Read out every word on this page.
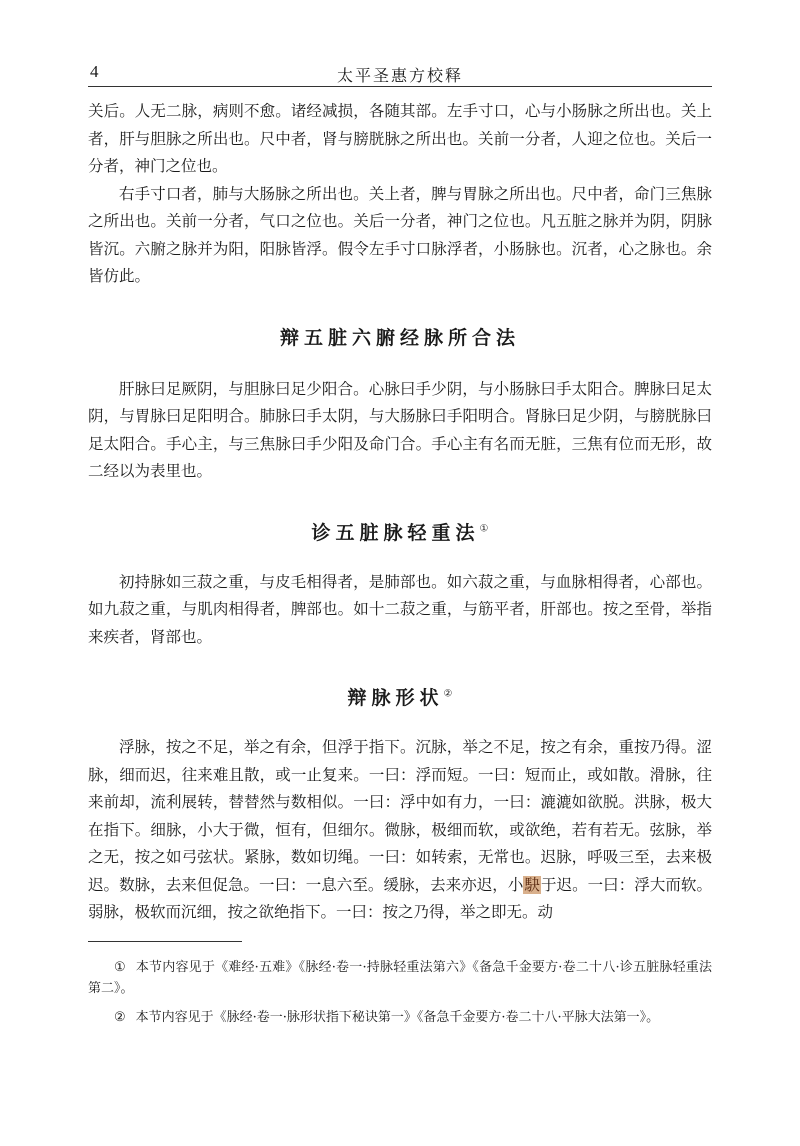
4	太平圣惠方校释

关后。人无二脉，病则不愈。诸经减损，各随其部。左手寸口，心与小肠脉之所出也。关上者，肝与胆脉之所出也。尺中者，肾与膀胱脉之所出也。关前一分者，人迎之位也。关后一分者，神门之位也。

右手寸口者，肺与大肠脉之所出也。关上者，脾与胃脉之所出也。尺中者，命门三焦脉之所出也。关前一分者，气口之位也。关后一分者，神门之位也。凡五脏之脉并为阴，阴脉皆沉。六腑之脉并为阳，阳脉皆浮。假令左手寸口脉浮者，小肠脉也。沉者，心之脉也。余皆仿此。

辩五脏六腑经脉所合法

肝脉曰足厥阴，与胆脉曰足少阳合。心脉曰手少阴，与小肠脉曰手太阳合。脾脉曰足太阴，与胃脉曰足阳明合。肺脉曰手太阴，与大肠脉曰手阳明合。肾脉曰足少阴，与膀胱脉曰足太阳合。手心主，与三焦脉曰手少阳及命门合。手心主有名而无脏，三焦有位而无形，故二经以为表里也。

诊五脏脉轻重法①

初持脉如三菽之重，与皮毛相得者，是肺部也。如六菽之重，与血脉相得者，心部也。如九菽之重，与肌肉相得者，脾部也。如十二菽之重，与筋平者，肝部也。按之至骨，举指来疾者，肾部也。

辩脉形状②

浮脉，按之不足，举之有余，但浮于指下。沉脉，举之不足，按之有余，重按乃得。涩脉，细而迟，往来难且散，或一止复来。一曰：浮而短。一曰：短而止，或如散。滑脉，往来前却，流利展转，替替然与数相似。一曰：浮中如有力，一曰：漉漉如欲脱。洪脉，极大在指下。细脉，小大于微，恒有，但细尔。微脉，极细而软，或欲绝，若有若无。弦脉，举之无，按之如弓弦状。紧脉，数如切绳。一曰：如转索，无常也。迟脉，呼吸三至，去来极迟。数脉，去来但促急。一曰：一息六至。缓脉，去来亦迟，小駃于迟。一曰：浮大而软。弱脉，极软而沉细，按之欲绝指下。一曰：按之乃得，举之即无。动

① 本节内容见于《难经·五难》《脉经·卷一·持脉轻重法第六》《备急千金要方·卷二十八·诊五脏脉轻重法第二》。

② 本节内容见于《脉经·卷一·脉形状指下秘诀第一》《备急千金要方·卷二十八·平脉大法第一》。
